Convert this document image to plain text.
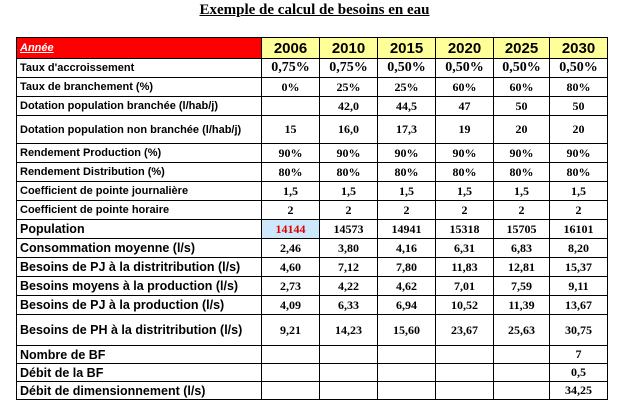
Exemple de calcul de besoins en eau
Année	2006	2010	2015	2020	2025	2030
Taux d'accroissement	0,75%	0,75%	0,50%	0,50%	0,50%	0,50%
Taux de branchement (%)	0%	25%	25%	60%	60%	80%
Dotation population branchée (l/hab/j)		42,0	44,5	47	50	50
Dotation population non branchée (l/hab/j)	15	16,0	17,3	19	20	20
Rendement Production (%)	90%	90%	90%	90%	90%	90%
Rendement Distribution (%)	80%	80%	80%	80%	80%	80%
Coefficient de pointe journalière	1,5	1,5	1,5	1,5	1,5	1,5
Coefficient de pointe horaire	2	2	2	2	2	2
Population	14144	14573	14941	15318	15705	16101
Consommation moyenne (l/s)	2,46	3,80	4,16	6,31	6,83	8,20
Besoins de PJ à la distritribution (l/s)	4,60	7,12	7,80	11,83	12,81	15,37
Besoins moyens à la production (l/s)	2,73	4,22	4,62	7,01	7,59	9,11
Besoins de PJ à la production (l/s)	4,09	6,33	6,94	10,52	11,39	13,67
Besoins de PH à la distritribution (l/s)	9,21	14,23	15,60	23,67	25,63	30,75
Nombre de BF						7
Débit de la BF						0,5
Débit de dimensionnement (l/s)						34,25
